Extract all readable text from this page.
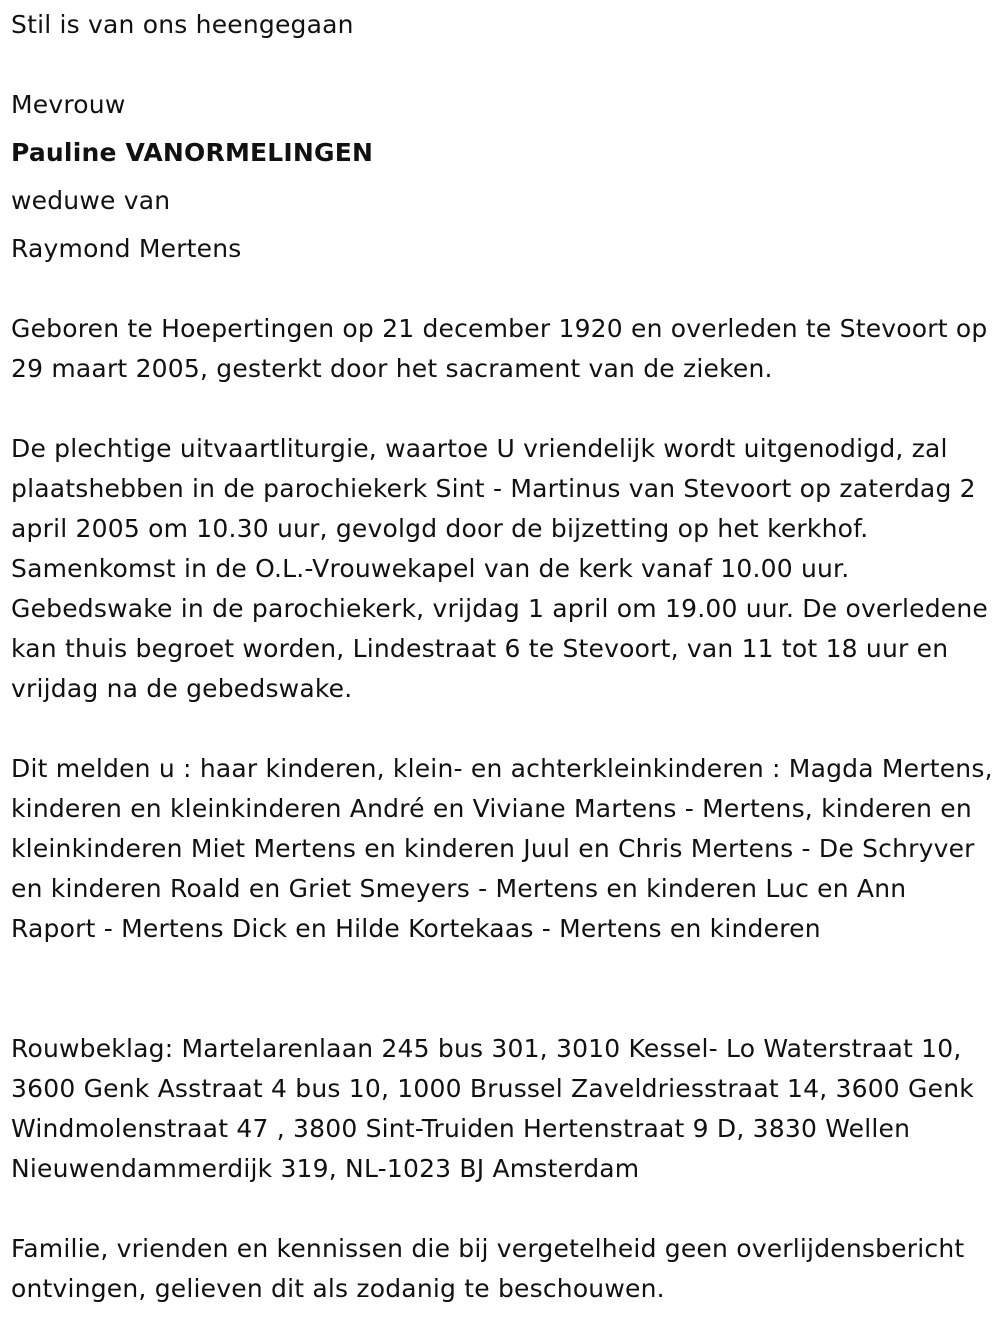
Stil is van ons heengegaan
Mevrouw
Pauline VANORMELINGEN
weduwe van
Raymond Mertens
Geboren te Hoepertingen op 21 december 1920 en overleden te Stevoort op 29 maart 2005, gesterkt door het sacrament van de zieken.
De plechtige uitvaartliturgie, waartoe U vriendelijk wordt uitgenodigd, zal plaatshebben in de parochiekerk Sint - Martinus van Stevoort op zaterdag 2 april 2005 om 10.30 uur, gevolgd door de bijzetting op het kerkhof. Samenkomst in de O.L.-Vrouwekapel van de kerk vanaf 10.00 uur. Gebedswake in de parochiekerk, vrijdag 1 april om 19.00 uur. De overledene kan thuis begroet worden, Lindestraat 6 te Stevoort, van 11 tot 18 uur en vrijdag na de gebedswake.
Dit melden u : haar kinderen, klein- en achterkleinkinderen : Magda Mertens, kinderen en kleinkinderen André en Viviane Martens - Mertens, kinderen en kleinkinderen Miet Mertens en kinderen Juul en Chris Mertens - De Schryver en kinderen Roald en Griet Smeyers - Mertens en kinderen Luc en Ann Raport - Mertens Dick en Hilde Kortekaas - Mertens en kinderen
Rouwbeklag: Martelarenlaan 245 bus 301, 3010 Kessel- Lo Waterstraat 10, 3600 Genk Asstraat 4 bus 10, 1000 Brussel Zaveldriesstraat 14, 3600 Genk Windmolenstraat 47 , 3800 Sint-Truiden Hertenstraat 9 D, 3830 Wellen Nieuwendammerdijk 319, NL-1023 BJ Amsterdam
Familie, vrienden en kennissen die bij vergetelheid geen overlijdensbericht ontvingen, gelieven dit als zodanig te beschouwen.
